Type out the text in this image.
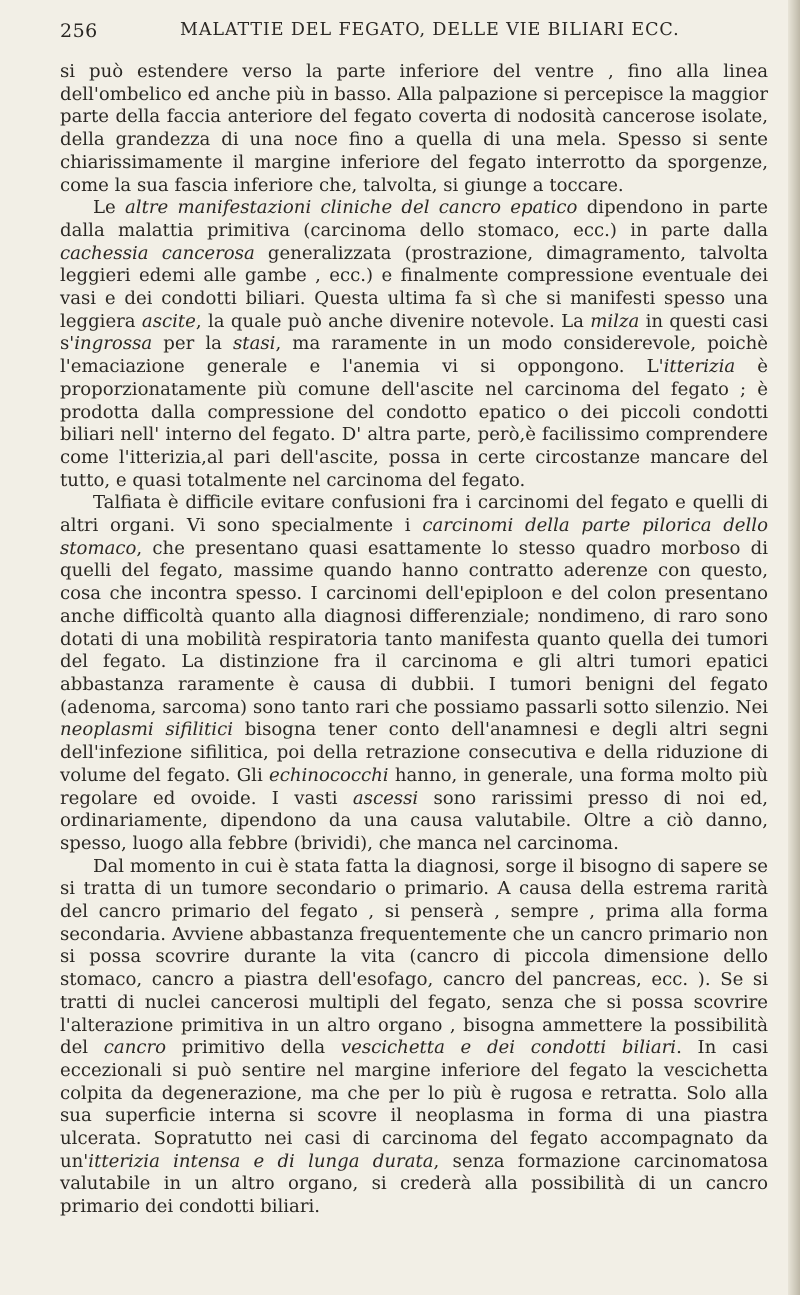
256	MALATTIE DEL FEGATO, DELLE VIE BILIARI ECC.

si può estendere verso la parte inferiore del ventre , fino alla linea dell'ombelico ed anche più in basso. Alla palpazione si percepisce la maggior parte della faccia anteriore del fegato coverta di nodosità cancerose isolate, della grandezza di una noce fino a quella di una mela. Spesso si sente chiarissimamente il margine inferiore del fegato interrotto da sporgenze, come la sua fascia inferiore che, talvolta, si giunge a toccare.

Le altre manifestazioni cliniche del cancro epatico dipendono in parte dalla malattia primitiva (carcinoma dello stomaco, ecc.) in parte dalla cachessia cancerosa generalizzata (prostrazione, dimagramento, talvolta leggieri edemi alle gambe , ecc.) e finalmente compressione eventuale dei vasi e dei condotti biliari. Questa ultima fa sì che si manifesti spesso una leggiera ascite, la quale può anche divenire notevole. La milza in questi casi s'ingrossa per la stasi, ma raramente in un modo considerevole, poichè l'emaciazione generale e l'anemia vi si oppongono. L'itterizia è proporzionatamente più comune dell'ascite nel carcinoma del fegato ; è prodotta dalla compressione del condotto epatico o dei piccoli condotti biliari nell' interno del fegato. D' altra parte, però,è facilissimo comprendere come l'itterizia,al pari dell'ascite, possa in certe circostanze mancare del tutto, e quasi totalmente nel carcinoma del fegato.

Talfiata è difficile evitare confusioni fra i carcinomi del fegato e quelli di altri organi. Vi sono specialmente i carcinomi della parte pilorica dello stomaco, che presentano quasi esattamente lo stesso quadro morboso di quelli del fegato, massime quando hanno contratto aderenze con questo, cosa che incontra spesso. I carcinomi dell'epiploon e del colon presentano anche difficoltà quanto alla diagnosi differenziale; nondimeno, di raro sono dotati di una mobilità respiratoria tanto manifesta quanto quella dei tumori del fegato. La distinzione fra il carcinoma e gli altri tumori epatici abbastanza raramente è causa di dubbii. I tumori benigni del fegato (adenoma, sarcoma) sono tanto rari che possiamo passarli sotto silenzio. Nei neoplasmi sifilitici bisogna tener conto dell'anamnesi e degli altri segni dell'infezione sifilitica, poi della retrazione consecutiva e della riduzione di volume del fegato. Gli echinococchi hanno, in generale, una forma molto più regolare ed ovoide. I vasti ascessi sono rarissimi presso di noi ed, ordinariamente, dipendono da una causa valutabile. Oltre a ciò danno, spesso, luogo alla febbre (brividi), che manca nel carcinoma.

Dal momento in cui è stata fatta la diagnosi, sorge il bisogno di sapere se si tratta di un tumore secondario o primario. A causa della estrema rarità del cancro primario del fegato , si penserà , sempre , prima alla forma secondaria. Avviene abbastanza frequentemente che un cancro primario non si possa scovrire durante la vita (cancro di piccola dimensione dello stomaco, cancro a piastra dell'esofago, cancro del pancreas, ecc. ). Se si tratti di nuclei cancerosi multipli del fegato, senza che si possa scovrire l'alterazione primitiva in un altro organo , bisogna ammettere la possibilità del cancro primitivo della vescichetta e dei condotti biliari. In casi eccezionali si può sentire nel margine inferiore del fegato la vescichetta colpita da degenerazione, ma che per lo più è rugosa e retratta. Solo alla sua superficie interna si scovre il neoplasma in forma di una piastra ulcerata. Sopratutto nei casi di carcinoma del fegato accompagnato da un'itterizia intensa e di lunga durata, senza formazione carcinomatosa valutabile in un altro organo, si crederà alla possibilità di un cancro primario dei condotti biliari.
